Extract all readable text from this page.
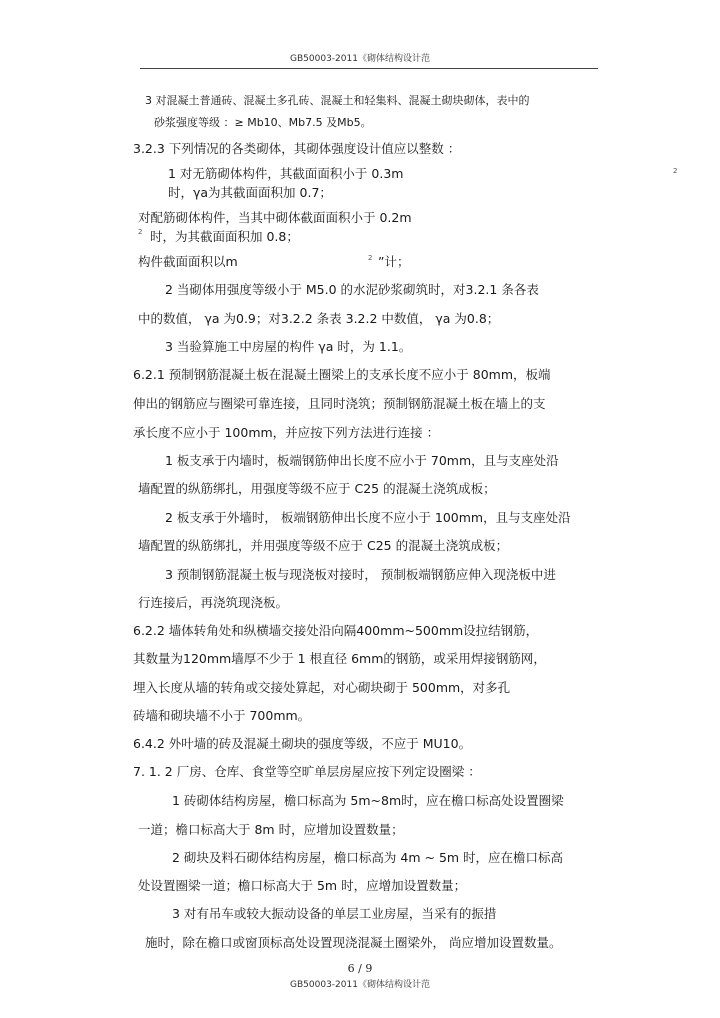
GB50003-2011《砌体结构设计范
3 对混凝土普通砖、混凝土多孔砖、混凝土和轻集料、混凝土砌块砌体，表中的
砂浆强度等级 ：≥ Mb10、Mb7.5 及Mb5。
3.2.3 下列情况的各类砌体，其砌体强度设计值应以整数 ：
1 对无筋砌体构件，其截面面积小于 0.3m	2
时，γa为其截面面积加 0.7；
对配筋砌体构件，当其中砌体截面面积小于 0.2m
2 时，为其截面面积加 0.8；
构件截面面积以m	2 ”计；
2 当砌体用强度等级小于 M5.0 的水泥砂浆砌筑时，对3.2.1 条各表
中的数值， γa 为0.9；对3.2.2 条表 3.2.2 中数值， γa 为0.8；
3 当验算施工中房屋的构件 γa 时，为 1.1。
6.2.1 预制钢筋混凝土板在混凝土圈梁上的支承长度不应小于 80mm，板端
伸出的钢筋应与圈梁可靠连接，且同时浇筑；预制钢筋混凝土板在墙上的支
承长度不应小于 100mm，并应按下列方法进行连接 ：
1 板支承于内墙时，板端钢筋伸出长度不应小于 70mm，且与支座处沿
墙配置的纵筋绑扎，用强度等级不应于 C25 的混凝土浇筑成板；
2 板支承于外墙时， 板端钢筋伸出长度不应小于 100mm，且与支座处沿
墙配置的纵筋绑扎，并用强度等级不应于 C25 的混凝土浇筑成板；
3 预制钢筋混凝土板与现浇板对接时， 预制板端钢筋应伸入现浇板中进
行连接后，再浇筑现浇板。
6.2.2 墙体转角处和纵横墙交接处沿向隔400mm~500mm设拉结钢筋，
其数量为120mm墙厚不少于 1 根直径 6mm的钢筋，或采用焊接钢筋网，
埋入长度从墙的转角或交接处算起，对心砌块砌于 500mm，对多孔
砖墙和砌块墙不小于 700mm。
6.4.2 外叶墙的砖及混凝土砌块的强度等级，不应于 MU10。
7. 1. 2 厂房、仓库、食堂等空旷单层房屋应按下列定设圈梁 ：
1 砖砌体结构房屋，檐口标高为 5m~8m时，应在檐口标高处设置圈梁
一道；檐口标高大于 8m 时，应增加设置数量；
2 砌块及料石砌体结构房屋，檐口标高为 4m ~ 5m 时，应在檐口标高
处设置圈梁一道；檐口标高大于 5m 时，应增加设置数量；
3 对有吊车或较大振动设备的单层工业房屋，当采有的振措
施时，除在檐口或窗顶标高处设置现浇混凝土圈梁外， 尚应增加设置数量。
6 / 9
GB50003-2011《砌体结构设计范
